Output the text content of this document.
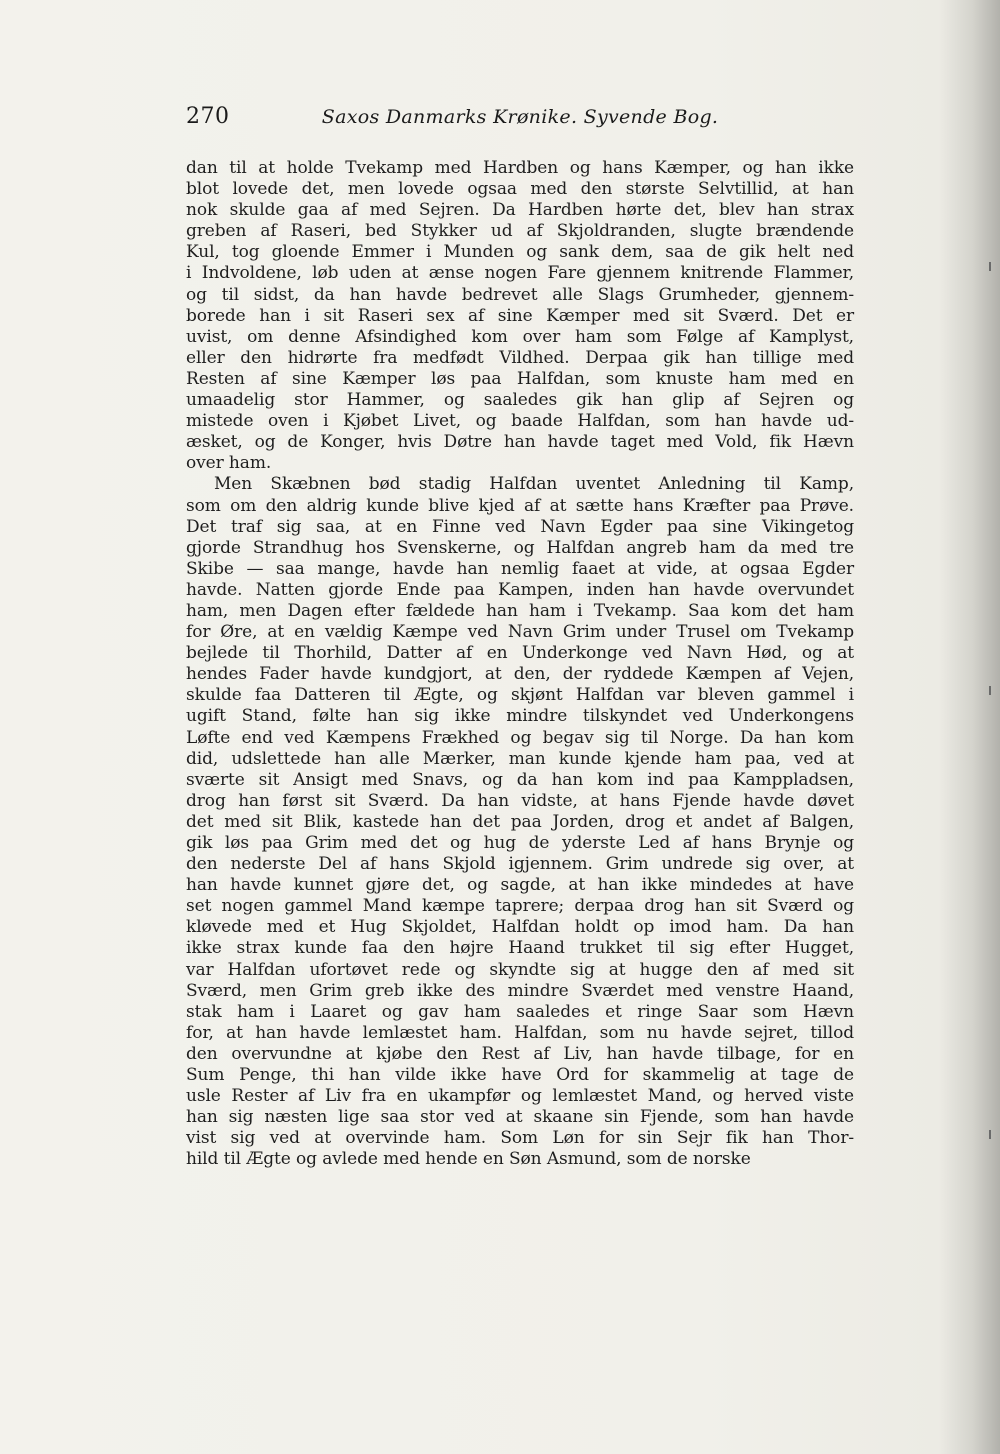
270	Saxos Danmarks Krønike. Syvende Bog.
dan til at holde Tvekamp med Hardben og hans Kæmper, og han ikke
blot lovede det, men lovede ogsaa med den største Selvtillid, at han
nok skulde gaa af med Sejren. Da Hardben hørte det, blev han strax
greben af Raseri, bed Stykker ud af Skjoldranden, slugte brændende
Kul, tog gloende Emmer i Munden og sank dem, saa de gik helt ned
i Indvoldene, løb uden at ænse nogen Fare gjennem knitrende Flammer,
og til sidst, da han havde bedrevet alle Slags Grumheder, gjennem-
borede han i sit Raseri sex af sine Kæmper med sit Sværd. Det er
uvist, om denne Afsindighed kom over ham som Følge af Kamplyst,
eller den hidrørte fra medfødt Vildhed. Derpaa gik han tillige med
Resten af sine Kæmper løs paa Halfdan, som knuste ham med en
umaadelig stor Hammer, og saaledes gik han glip af Sejren og
mistede oven i Kjøbet Livet, og baade Halfdan, som han havde ud-
æsket, og de Konger, hvis Døtre han havde taget med Vold, fik Hævn
over ham.
Men Skæbnen bød stadig Halfdan uventet Anledning til Kamp,
som om den aldrig kunde blive kjed af at sætte hans Kræfter paa Prøve.
Det traf sig saa, at en Finne ved Navn Egder paa sine Vikingetog
gjorde Strandhug hos Svenskerne, og Halfdan angreb ham da med tre
Skibe — saa mange, havde han nemlig faaet at vide, at ogsaa Egder
havde. Natten gjorde Ende paa Kampen, inden han havde overvundet
ham, men Dagen efter fældede han ham i Tvekamp. Saa kom det ham
for Øre, at en vældig Kæmpe ved Navn Grim under Trusel om Tvekamp
bejlede til Thorhild, Datter af en Underkonge ved Navn Hød, og at
hendes Fader havde kundgjort, at den, der ryddede Kæmpen af Vejen,
skulde faa Datteren til Ægte, og skjønt Halfdan var bleven gammel i
ugift Stand, følte han sig ikke mindre tilskyndet ved Underkongens
Løfte end ved Kæmpens Frækhed og begav sig til Norge. Da han kom
did, udslettede han alle Mærker, man kunde kjende ham paa, ved at
sværte sit Ansigt med Snavs, og da han kom ind paa Kamppladsen,
drog han først sit Sværd. Da han vidste, at hans Fjende havde døvet
det med sit Blik, kastede han det paa Jorden, drog et andet af Balgen,
gik løs paa Grim med det og hug de yderste Led af hans Brynje og
den nederste Del af hans Skjold igjennem. Grim undrede sig over, at
han havde kunnet gjøre det, og sagde, at han ikke mindedes at have
set nogen gammel Mand kæmpe taprere; derpaa drog han sit Sværd og
kløvede med et Hug Skjoldet, Halfdan holdt op imod ham. Da han
ikke strax kunde faa den højre Haand trukket til sig efter Hugget,
var Halfdan ufortøvet rede og skyndte sig at hugge den af med sit
Sværd, men Grim greb ikke des mindre Sværdet med venstre Haand,
stak ham i Laaret og gav ham saaledes et ringe Saar som Hævn
for, at han havde lemlæstet ham. Halfdan, som nu havde sejret, tillod
den overvundne at kjøbe den Rest af Liv, han havde tilbage, for en
Sum Penge, thi han vilde ikke have Ord for skammelig at tage de
usle Rester af Liv fra en ukampfør og lemlæstet Mand, og herved viste
han sig næsten lige saa stor ved at skaane sin Fjende, som han havde
vist sig ved at overvinde ham. Som Løn for sin Sejr fik han Thor-
hild til Ægte og avlede med hende en Søn Asmund, som de norske
